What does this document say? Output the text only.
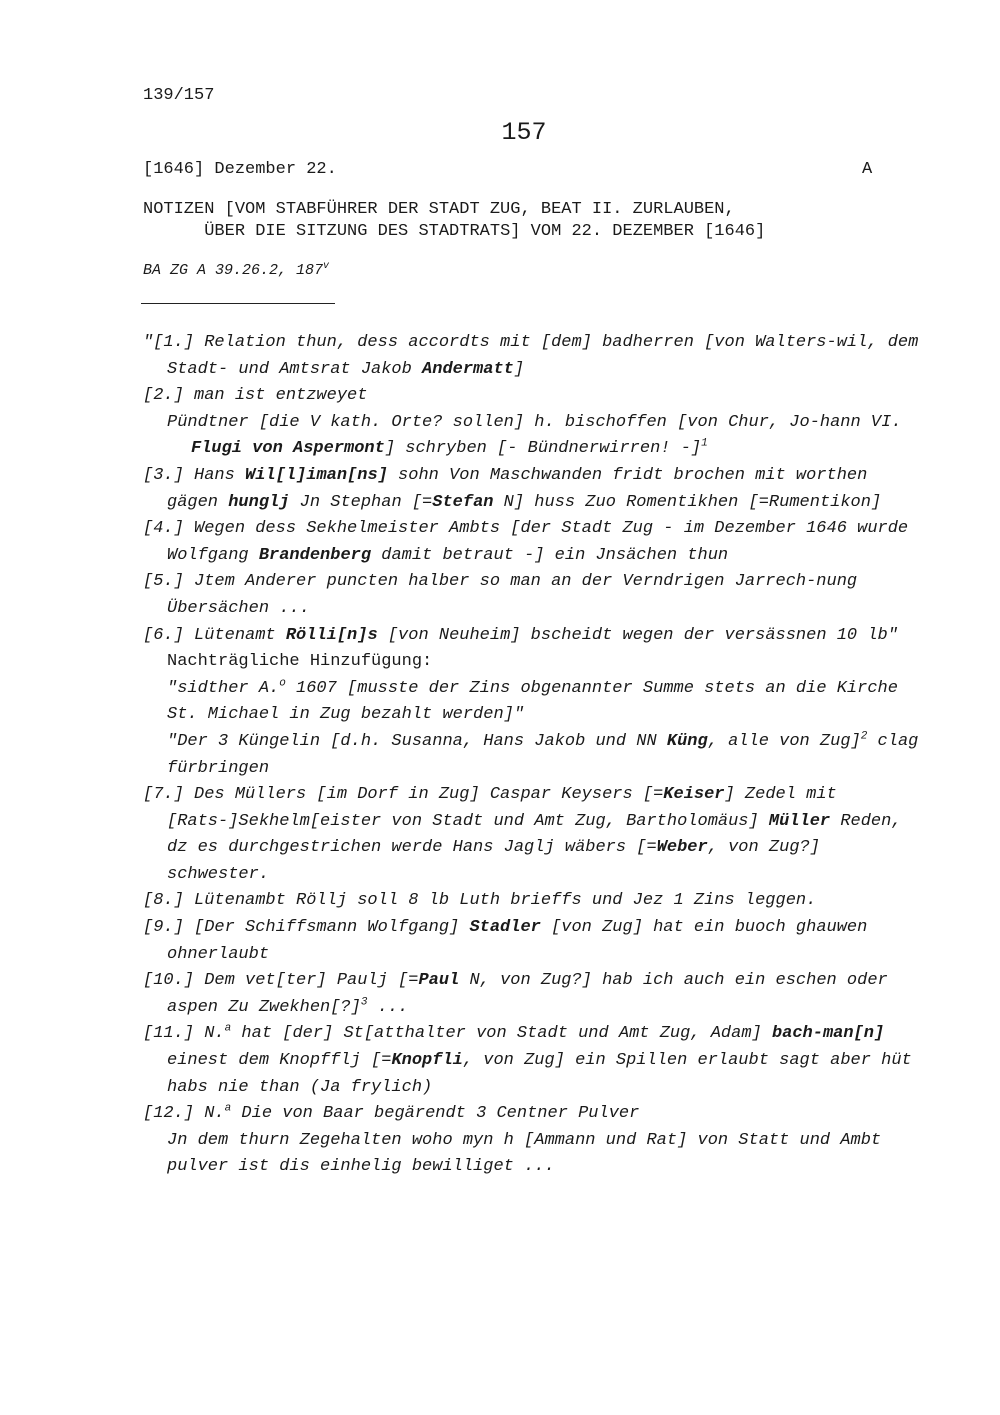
139/157
157
[1646] Dezember 22.	A
NOTIZEN [VOM STABFÜHRER DER STADT ZUG, BEAT II. ZURLAUBEN,
ÜBER DIE SITZUNG DES STADTRATS] VOM 22. DEZEMBER [1646]
BA ZG A 39.26.2, 187$^v$

"[1.] Relation thun, dess accordts mit [dem] badherren [von Walters-wil, dem Stadt- und Amtsrat Jakob Andermatt]

[2.] man ist entzweyet

Pündtner [die V kath. Orte? sollen] h. bischoffen [von Chur, Jo-hann VI. Flugi von Aspermont] schryben [- Bündnerwirren! -]$^1$

[3.] Hans Wil[l]iman[ns] sohn Von Maschwanden fridt brochen mit worthen gägen hunglj Jn Stephan [=Stefan N] huss Zuo Romentikhen [=Rumentikon]

[4.] Wegen dess Sekhelmeister Ambts [der Stadt Zug - im Dezember 1646 wurde Wolfgang Brandenberg damit betraut -] ein Jnsächen thun

[5.] Jtem Anderer puncten halber so man an der Verndrigen Jarrech-nung Übersächen ...

[6.] Lütenamt Rölli[n]s [von Neuheim] bscheidt wegen der versässnen 10 lb"

Nachträgliche Hinzufügung:

"sidther A.$^o$ 1607 [musste der Zins obgenannter Summe stets an die Kirche St. Michael in Zug bezahlt werden]"

"Der 3 Küngelin [d.h. Susanna, Hans Jakob und NN Küng, alle von Zug]$^2$ clag fürbringen

[7.] Des Müllers [im Dorf in Zug] Caspar Keysers [=Keiser] Zedel mit [Rats-]Sekhelm[eister von Stadt und Amt Zug, Bartholomäus] Müller Reden, dz es durchgestrichen werde Hans Jaglj wäbers [=Weber, von Zug?] schwester.

[8.] Lütenambt Röllj soll 8 lb Luth brieffs und Jez 1 Zins leggen.

[9.] [Der Schiffsmann Wolfgang] Stadler [von Zug] hat ein buoch ghauwen ohnerlaubt

[10.] Dem vet[ter] Paulj [=Paul N, von Zug?] hab ich auch ein eschen oder aspen Zu Zwekhen[?]$^3$ ...

[11.] N.$^a$ hat [der] St[atthalter von Stadt und Amt Zug, Adam] bach-man[n] einest dem Knopfflj [=Knopfli, von Zug] ein Spillen erlaubt sagt aber hüt habs nie than (Ja frylich)

[12.] N.$^a$ Die von Baar begärendt 3 Centner Pulver

Jn dem thurn Zegehalten woho myn h [Ammann und Rat] von Statt und Ambt pulver ist dis einhelig bewilliget ...
